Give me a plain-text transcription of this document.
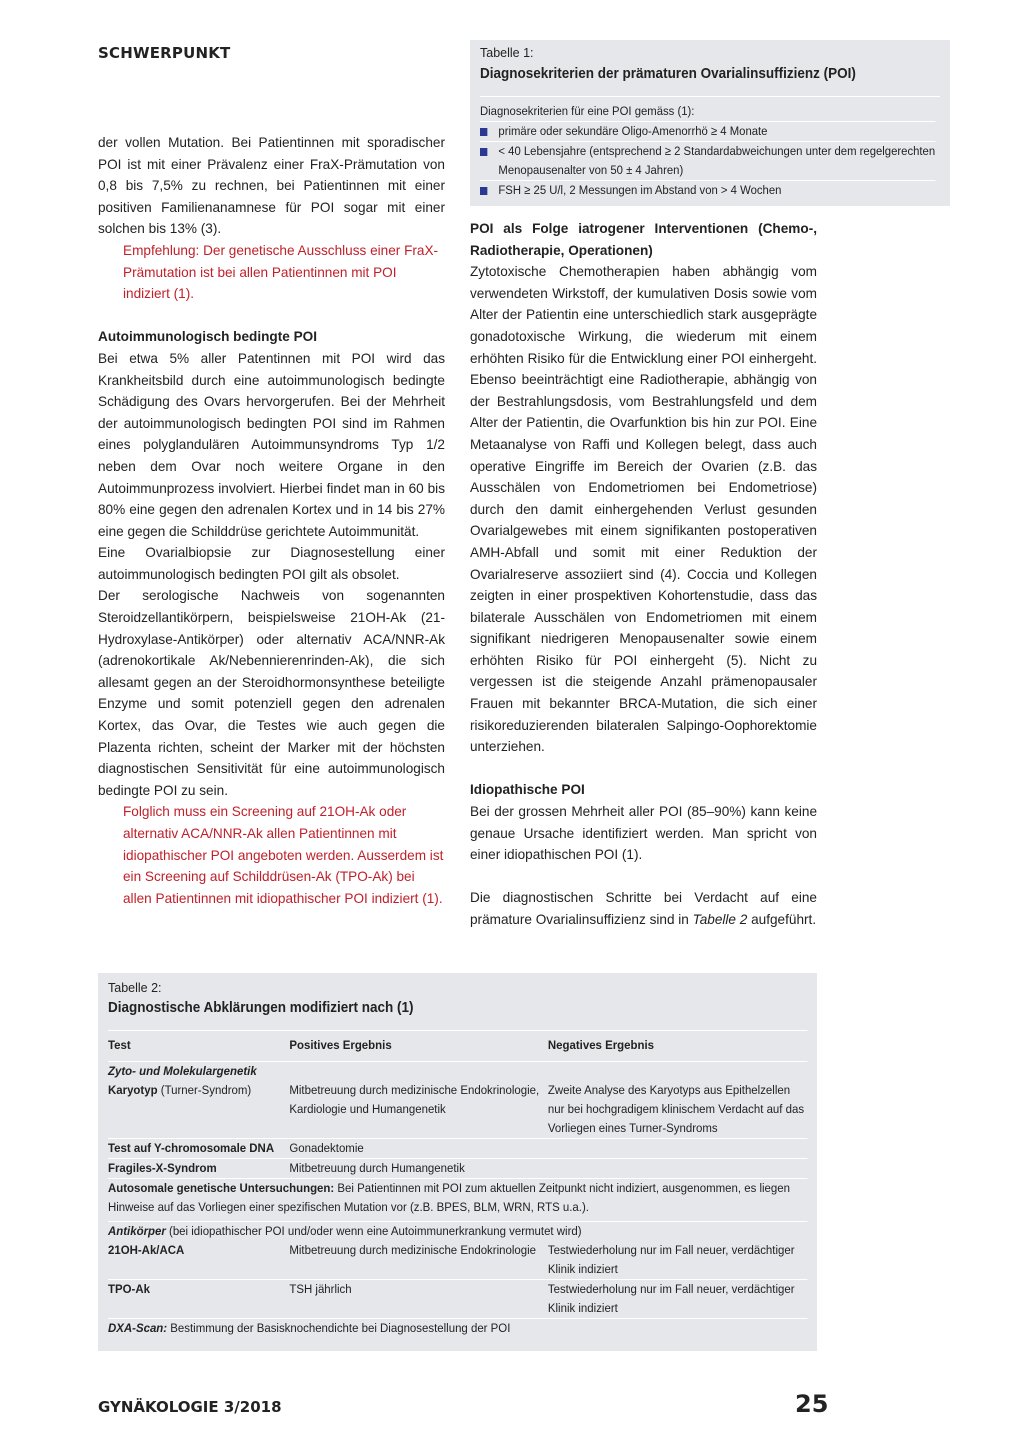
SCHWERPUNKT

der vollen Mutation. Bei Patientinnen mit sporadischer POI ist mit einer Prävalenz einer FraX-Prämutation von 0,8 bis 7,5% zu rechnen, bei Patientinnen mit einer positiven Familienanamnese für POI sogar mit einer solchen bis 13% (3).

Empfehlung: Der genetische Ausschluss einer FraX-Prämutation ist bei allen Patientinnen mit POI indiziert (1).

Autoimmunologisch bedingte POI

Bei etwa 5% aller Patentinnen mit POI wird das Krankheitsbild durch eine autoimmunologisch bedingte Schädigung des Ovars hervorgerufen. Bei der Mehrheit der autoimmunologisch bedingten POI sind im Rahmen eines polyglandulären Autoimmunsyndroms Typ 1/2 neben dem Ovar noch weitere Organe in den Autoimmunprozess involviert. Hierbei findet man in 60 bis 80% eine gegen den adrenalen Kortex und in 14 bis 27% eine gegen die Schilddrüse gerichtete Autoimmunität.

Eine Ovarialbiopsie zur Diagnosestellung einer autoimmunologisch bedingten POI gilt als obsolet.

Der serologische Nachweis von sogenannten Steroidzellantikörpern, beispielsweise 21OH-Ak (21-Hydroxylase-Antikörper) oder alternativ ACA/NNR-Ak (adrenokortikale Ak/Nebennierenrinden-Ak), die sich allesamt gegen an der Steroidhormonsynthese beteiligte Enzyme und somit potenziell gegen den adrenalen Kortex, das Ovar, die Testes wie auch gegen die Plazenta richten, scheint der Marker mit der höchsten diagnostischen Sensitivität für eine autoimmunologisch bedingte POI zu sein.

Folglich muss ein Screening auf 21OH-Ak oder alternativ ACA/NNR-Ak allen Patientinnen mit idiopathischer POI angeboten werden. Ausserdem ist ein Screening auf Schilddrüsen-Ak (TPO-Ak) bei allen Patientinnen mit idiopathischer POI indiziert (1).

Tabelle 1:
Diagnosekriterien der prämaturen Ovarialinsuffizienz (POI)
Diagnosekriterien für eine POI gemäss (1):
primäre oder sekundäre Oligo-Amenorrhö ≥ 4 Monate
< 40 Lebensjahre (entsprechend ≥ 2 Standardabweichungen unter dem regelgerechten Menopausenalter von 50 ± 4 Jahren)
FSH ≥ 25 U/l, 2 Messungen im Abstand von > 4 Wochen

POI als Folge iatrogener Interventionen (Chemo-, Radiotherapie, Operationen)

Zytotoxische Chemotherapien haben abhängig vom verwendeten Wirkstoff, der kumulativen Dosis sowie vom Alter der Patientin eine unterschiedlich stark ausgeprägte gonadotoxische Wirkung, die wiederum mit einem erhöhten Risiko für die Entwicklung einer POI einhergeht. Ebenso beeinträchtigt eine Radiotherapie, abhängig von der Bestrahlungsdosis, vom Bestrahlungsfeld und dem Alter der Patientin, die Ovarfunktion bis hin zur POI. Eine Metaanalyse von Raffi und Kollegen belegt, dass auch operative Eingriffe im Bereich der Ovarien (z.B. das Ausschälen von Endometriomen bei Endometriose) durch den damit einhergehenden Verlust gesunden Ovarialgewebes mit einem signifikanten postoperativen AMH-Abfall und somit mit einer Reduktion der Ovarialreserve assoziiert sind (4). Coccia und Kollegen zeigten in einer prospektiven Kohortenstudie, dass das bilaterale Ausschälen von Endometriomen mit einem signifikant niedrigeren Menopausenalter sowie einem erhöhten Risiko für POI einhergeht (5). Nicht zu vergessen ist die steigende Anzahl prämenopausaler Frauen mit bekannter BRCA-Mutation, die sich einer risikoreduzierenden bilateralen Salpingo-Oophorektomie unterziehen.

Idiopathische POI

Bei der grossen Mehrheit aller POI (85–90%) kann keine genaue Ursache identifiziert werden. Man spricht von einer idiopathischen POI (1).

Die diagnostischen Schritte bei Verdacht auf eine prämature Ovarialinsuffizienz sind in Tabelle 2 aufgeführt.

Tabelle 2:
Diagnostische Abklärungen modifiziert nach (1)
Test	Positives Ergebnis	Negatives Ergebnis

Zyto- und Molekulargenetik		
Karyotyp (Turner-Syndrom)	Mitbetreuung durch medizinische Endokrinologie, Kardiologie und Humangenetik	Zweite Analyse des Karyotyps aus Epithelzellen nur bei hochgradigem klinischem Verdacht auf das Vorliegen eines Turner-Syndroms
Test auf Y-chromosomale DNA	Gonadektomie	
Fragiles-X-Syndrom	Mitbetreuung durch Humangenetik	
Autosomale genetische Untersuchungen: Bei Patientinnen mit POI zum aktuellen Zeitpunkt nicht indiziert, ausgenommen, es liegen Hinweise auf das Vorliegen einer spezifischen Mutation vor (z.B. BPES, BLM, WRN, RTS u.a.).		

Antikörper (bei idiopathischer POI und/oder wenn eine Autoimmunerkrankung vermutet wird)		
21OH-Ak/ACA	Mitbetreuung durch medizinische Endokrinologie	Testwiederholung nur im Fall neuer, verdächtiger Klinik indiziert
TPO-Ak	TSH jährlich	Testwiederholung nur im Fall neuer, verdächtiger Klinik indiziert
DXA-Scan: Bestimmung der Basisknochendichte bei Diagnosestellung der POI		
GYNÄKOLOGIE 3/2018	25
